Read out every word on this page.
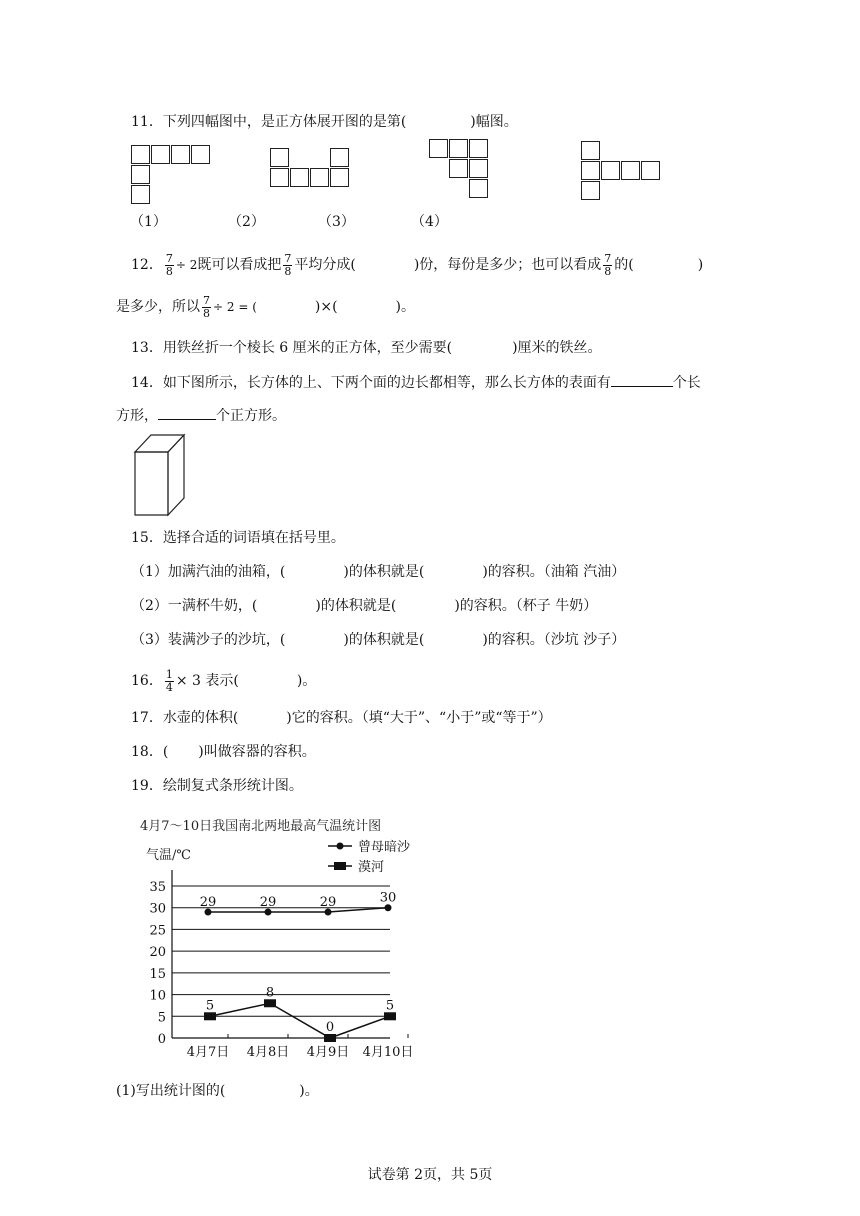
11．下列四幅图中，是正方体展开图的是第(	)幅图。
（1）	（2）	（3）	（4）
12． $\frac{7}{8} \div 2$既可以看成把 $\frac{7}{8}$ 平均分成(	)份，每份是多少；也可以看成 $\frac{7}{8}$ 的(	)
是多少，所以 $\frac{7}{8} \div 2$ = (	)×(	)。
13．用铁丝折一个棱长 6 厘米的正方体，至少需要(	)厘米的铁丝。
14．如下图所示，长方体的上、下两个面的边长都相等，那么长方体的表面有	个长
方形，	个正方形。
15．选择合适的词语填在括号里。
（1）加满汽油的油箱，(	)的体积就是(	)的容积。（油箱 汽油）
（2）一满杯牛奶，(	)的体积就是(	)的容积。（杯子 牛奶）
（3）装满沙子的沙坑，(	)的体积就是(	)的容积。（沙坑 沙子）
16． $\frac{1}{4} \times 3$ 表示(	)。
17．水壶的体积(	)它的容积。（填“大于”、“小于”或“等于”）
18．( )叫做容器的容积。
19．绘制复式条形统计图。
4月7～10日我国南北两地最高气温统计图
气温/℃
曾母暗沙
漠河
0
5
10
15
20
25
30
35
4月7日 4月8日 4月9日 4月10日
29	29	29	30
5
8
0
5
(1)写出统计图的(	)。
试卷第 2页，共 5页
